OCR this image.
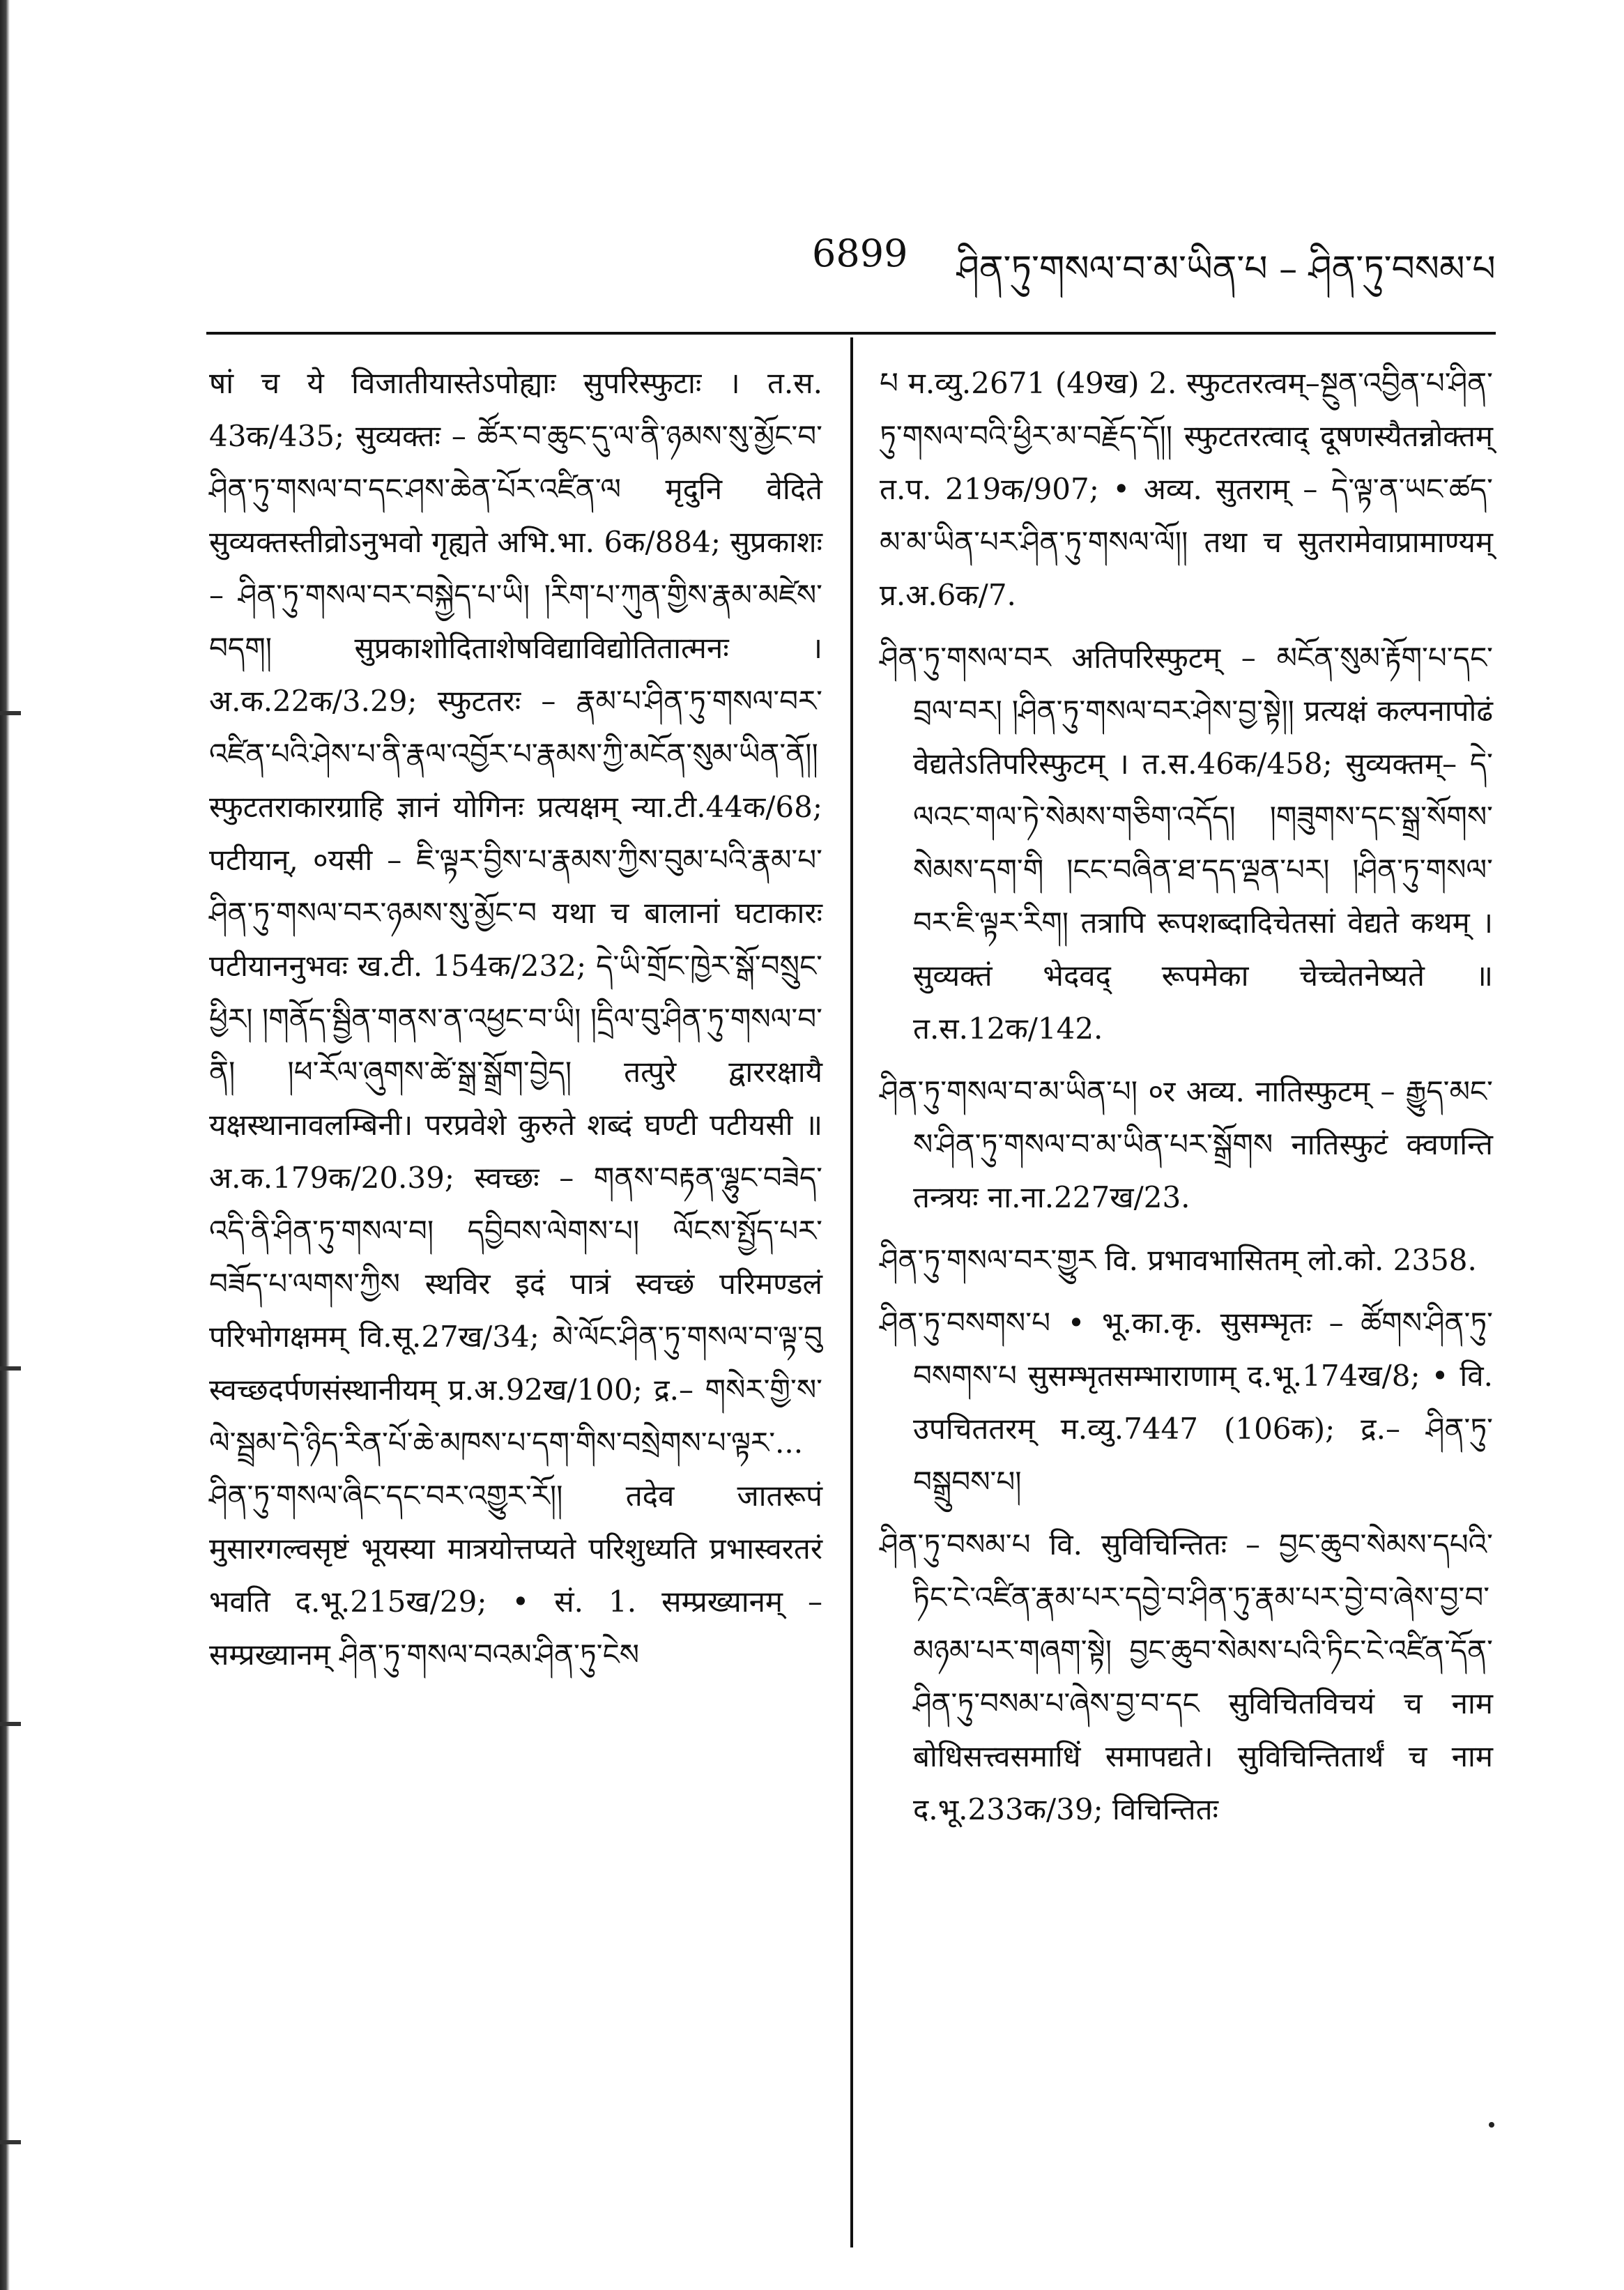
6899 ཤིན་ཏུ་གསལ་བ་མ་ཡིན་པ – ཤིན་ཏུ་བསམ་པ

षां च ये विजातीयास्तेऽपोह्याः सुपरिस्फुटाः । त.स. 43क/435; सुव्यक्तः – ཚོར་བ་ཆུང་དུ་ལ་ནི་ཉམས་སུ་མྱོང་བ་ཤིན་ཏུ་གསལ་བ་དང་ཤས་ཆེན་པོར་འཛིན་ལ मृदुनि वेदिते सुव्यक्तस्तीव्रोऽनुभवो गृह्यते अभि.भा. 6क/884; सुप्रकाशः – ཤིན་ཏུ་གསལ་བར་བསྐྱེད་པ་ཡི། །རིག་པ་ཀུན་གྱིས་རྣམ་མཛེས་བདག། सुप्रकाशोदिताशेषविद्याविद्योतितात्मनः । अ.क.22क/3.29; स्फुटतरः – རྣམ་པ་ཤིན་ཏུ་གསལ་བར་འཛིན་པའི་ཤེས་པ་ནི་རྣལ་འབྱོར་པ་རྣམས་ཀྱི་མངོན་སུམ་ཡིན་ནོ།། स्फुटतराकारग्राहि ज्ञानं योगिनः प्रत्यक्षम् न्या.टी.44क/68; पटीयान्, ०यसी – ཇི་ལྟར་བྱིས་པ་རྣམས་ཀྱིས་བུམ་པའི་རྣམ་པ་ཤིན་ཏུ་གསལ་བར་ཉམས་སུ་མྱོང་བ यथा च बालानां घटाकारः पटीयाननुभवः ख.टी. 154क/232; དེ་ཡི་གྲོང་ཁྱེར་སྒོ་བསྲུང་ཕྱིར། །གནོད་སྦྱིན་གནས་ན་འཕྱང་བ་ཡི། །དྲིལ་བུ་ཤིན་ཏུ་གསལ་བ་ནི། །ཕ་རོལ་ཞུགས་ཚེ་སྒྲ་སྒྲོག་བྱེད། तत्पुरे द्वाररक्षायै यक्षस्थानावलम्बिनी। परप्रवेशे कुरुते शब्दं घण्टी पटीयसी ॥ अ.क.179क/20.39; स्वच्छः – གནས་བརྟན་ལྷུང་བཟེད་འདི་ནི་ཤིན་ཏུ་གསལ་བ། དབྱིབས་ལེགས་པ། ལོངས་སྤྱོད་པར་བཟོད་པ་ལགས་ཀྱིས स्थविर इदं पात्रं स्वच्छं परिमण्डलं परिभोगक्षमम् वि.सू.27ख/34; མེ་ལོང་ཤིན་ཏུ་གསལ་བ་ལྟ་བུ स्वच्छदर्पणसंस्थानीयम् प्र.अ.92ख/100; द्र.– གསེར་གྱི་ས་ལེ་སྦྲམ་དེ་ཉིད་རིན་པོ་ཆེ་མཁས་པ་དག་གིས་བསྲེགས་པ་ལྟར་... ཤིན་ཏུ་གསལ་ཞིང་དང་བར་འགྱུར་རོ།། तदेव जातरूपं मुसारगल्वसृष्टं भूयस्या मात्रयोत्तप्यते परिशुध्यति प्रभास्वरतरं भवति द.भू.215ख/29; • सं. 1. सम्प्रख्यानम् – सम्प्रख्यानम् ཤིན་ཏུ་གསལ་བའམ་ཤིན་ཏུ་ངེས

པ म.व्यु.2671 (49ख) 2. स्फुटतरत्वम्–སྔུན་འབྱིན་པ་ཤིན་ཏུ་གསལ་བའི་ཕྱིར་མ་བརྗོད་དོ།། स्फुटतरत्वाद् दूषणस्यैतन्नोक्तम् त.प. 219क/907; • अव्य. सुतराम् – དེ་ལྟ་ན་ཡང་ཚད་མ་མ་ཡིན་པར་ཤིན་ཏུ་གསལ་ལོ།། तथा च सुतरामेवाप्रामाण्यम् प्र.अ.6क/7.

ཤིན་ཏུ་གསལ་བར अतिपरिस्फुटम् – མངོན་སུམ་རྟོག་པ་དང་བྲལ་བར། །ཤིན་ཏུ་གསལ་བར་ཤེས་བྱ་སྟེ།། प्रत्यक्षं कल्पनापोढं वेद्यतेऽतिपरिस्फुटम् । त.स.46क/458; सुव्यक्तम्– དེ་ལའང་གལ་ཏེ་སེམས་གཅིག་འདོད། །གཟུགས་དང་སྒྲ་སོགས་སེམས་དག་གི །ངང་བཞིན་ཐ་དད་ལྡན་པར། །ཤིན་ཏུ་གསལ་བར་ཇི་ལྟར་རིག། तत्रापि रूपशब्दादिचेतसां वेद्यते कथम् । सुव्यक्तं भेदवद् रूपमेका चेच्चेतनेष्यते ॥ त.स.12क/142.

ཤིན་ཏུ་གསལ་བ་མ་ཡིན་པ། ०र अव्य. नातिस्फुटम् – རྒྱུད་མང་ས་ཤིན་ཏུ་གསལ་བ་མ་ཡིན་པར་སྒྲོགས नातिस्फुटं क्वणन्ति तन्त्रयः ना.ना.227ख/23.

ཤིན་ཏུ་གསལ་བར་གྱུར वि. प्रभावभासितम् लो.को. 2358.

ཤིན་ཏུ་བསགས་པ • भू.का.कृ. सुसम्भृतः – ཚོགས་ཤིན་ཏུ་བསགས་པ सुसम्भृतसम्भाराणाम् द.भू.174ख/8; • वि. उपचिततरम् म.व्यु.7447 (106क); द्र.– ཤིན་ཏུ་བསྒྲུབས་པ།

ཤིན་ཏུ་བསམ་པ वि. सुविचिन्तितः – བྱང་ཆུབ་སེམས་དཔའི་ཏིང་ངེ་འཛིན་རྣམ་པར་དབྱེ་བ་ཤིན་ཏུ་རྣམ་པར་བྱེ་བ་ཞེས་བྱ་བ་མཉམ་པར་གཞག་སྟེ། བྱང་ཆུབ་སེམས་པའི་ཏིང་ངེ་འཛིན་དོན་ཤིན་ཏུ་བསམ་པ་ཞེས་བྱ་བ་དང सुविचितविचयं च नाम बोधिसत्त्वसमाधिं समापद्यते। सुविचिन्तितार्थं च नाम द.भू.233क/39; विचिन्तितः
